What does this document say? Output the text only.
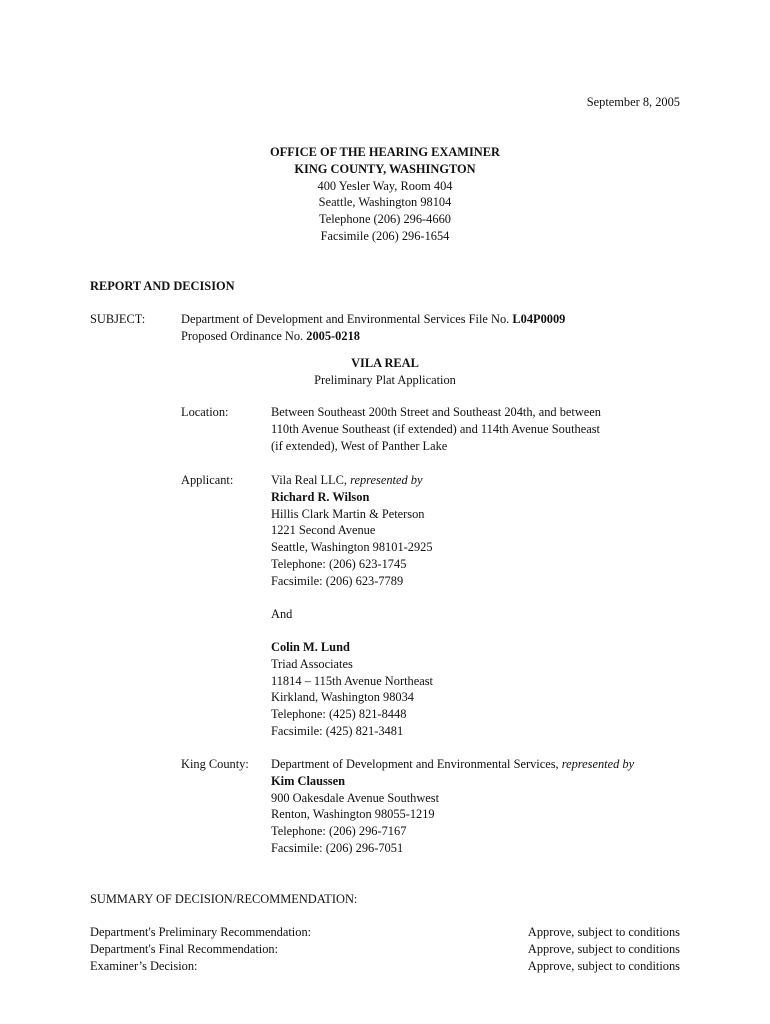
September 8, 2005
OFFICE OF THE HEARING EXAMINER
KING COUNTY, WASHINGTON
400 Yesler Way, Room 404
Seattle, Washington 98104
Telephone (206) 296-4660
Facsimile (206) 296-1654
REPORT AND DECISION
SUBJECT:	Department of Development and Environmental Services File No. L04P0009
Proposed Ordinance No. 2005-0218
VILA REAL
Preliminary Plat Application
Location:	Between Southeast 200th Street and Southeast 204th, and between
110th Avenue Southeast (if extended) and 114th Avenue Southeast
(if extended), West of Panther Lake
Applicant:	Vila Real LLC, represented by
Richard R. Wilson
Hillis Clark Martin & Peterson
1221 Second Avenue
Seattle, Washington 98101-2925
Telephone: (206) 623-1745
Facsimile: (206) 623-7789
And
Colin M. Lund
Triad Associates
11814 – 115th Avenue Northeast
Kirkland, Washington 98034
Telephone: (425) 821-8448
Facsimile: (425) 821-3481
King County: Department of Development and Environmental Services, represented by
Kim Claussen
900 Oakesdale Avenue Southwest
Renton, Washington 98055-1219
Telephone: (206) 296-7167
Facsimile: (206) 296-7051
SUMMARY OF DECISION/RECOMMENDATION:
Department's Preliminary Recommendation:	Approve, subject to conditions
Department's Final Recommendation:	Approve, subject to conditions
Examiner’s Decision:	Approve, subject to conditions
